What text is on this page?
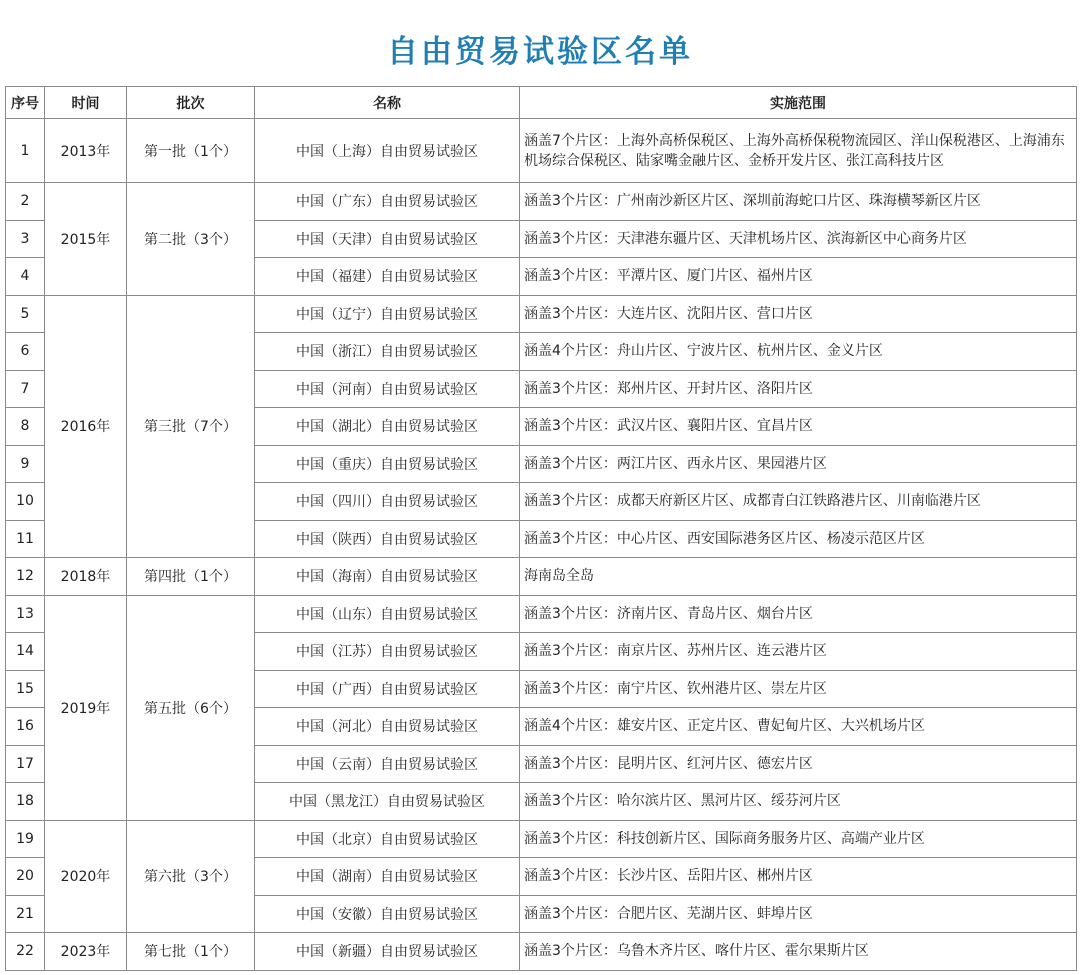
自由贸易试验区名单
序号	时间	批次	名称	实施范围
1	2013年	第一批（1个）	中国（上海）自由贸易试验区	涵盖7个片区：上海外高桥保税区、上海外高桥保税物流园区、洋山保税港区、上海浦东机场综合保税区、陆家嘴金融片区、金桥开发片区、张江高科技片区
2	2015年	第二批（3个）	中国（广东）自由贸易试验区	涵盖3个片区：广州南沙新区片区、深圳前海蛇口片区、珠海横琴新区片区
3			中国（天津）自由贸易试验区	涵盖3个片区：天津港东疆片区、天津机场片区、滨海新区中心商务片区
4			中国（福建）自由贸易试验区	涵盖3个片区：平潭片区、厦门片区、福州片区
5	2016年	第三批（7个）	中国（辽宁）自由贸易试验区	涵盖3个片区：大连片区、沈阳片区、营口片区
6			中国（浙江）自由贸易试验区	涵盖4个片区：舟山片区、宁波片区、杭州片区、金义片区
7			中国（河南）自由贸易试验区	涵盖3个片区：郑州片区、开封片区、洛阳片区
8			中国（湖北）自由贸易试验区	涵盖3个片区：武汉片区、襄阳片区、宜昌片区
9			中国（重庆）自由贸易试验区	涵盖3个片区：两江片区、西永片区、果园港片区
10			中国（四川）自由贸易试验区	涵盖3个片区：成都天府新区片区、成都青白江铁路港片区、川南临港片区
11			中国（陕西）自由贸易试验区	涵盖3个片区：中心片区、西安国际港务区片区、杨凌示范区片区
12	2018年	第四批（1个）	中国（海南）自由贸易试验区	海南岛全岛
13	2019年	第五批（6个）	中国（山东）自由贸易试验区	涵盖3个片区：济南片区、青岛片区、烟台片区
14			中国（江苏）自由贸易试验区	涵盖3个片区：南京片区、苏州片区、连云港片区
15			中国（广西）自由贸易试验区	涵盖3个片区：南宁片区、钦州港片区、崇左片区
16			中国（河北）自由贸易试验区	涵盖4个片区：雄安片区、正定片区、曹妃甸片区、大兴机场片区
17			中国（云南）自由贸易试验区	涵盖3个片区：昆明片区、红河片区、德宏片区
18			中国（黑龙江）自由贸易试验区	涵盖3个片区：哈尔滨片区、黑河片区、绥芬河片区
19	2020年	第六批（3个）	中国（北京）自由贸易试验区	涵盖3个片区：科技创新片区、国际商务服务片区、高端产业片区
20			中国（湖南）自由贸易试验区	涵盖3个片区：长沙片区、岳阳片区、郴州片区
21			中国（安徽）自由贸易试验区	涵盖3个片区：合肥片区、芜湖片区、蚌埠片区
22	2023年	第七批（1个）	中国（新疆）自由贸易试验区	涵盖3个片区：乌鲁木齐片区、喀什片区、霍尔果斯片区
